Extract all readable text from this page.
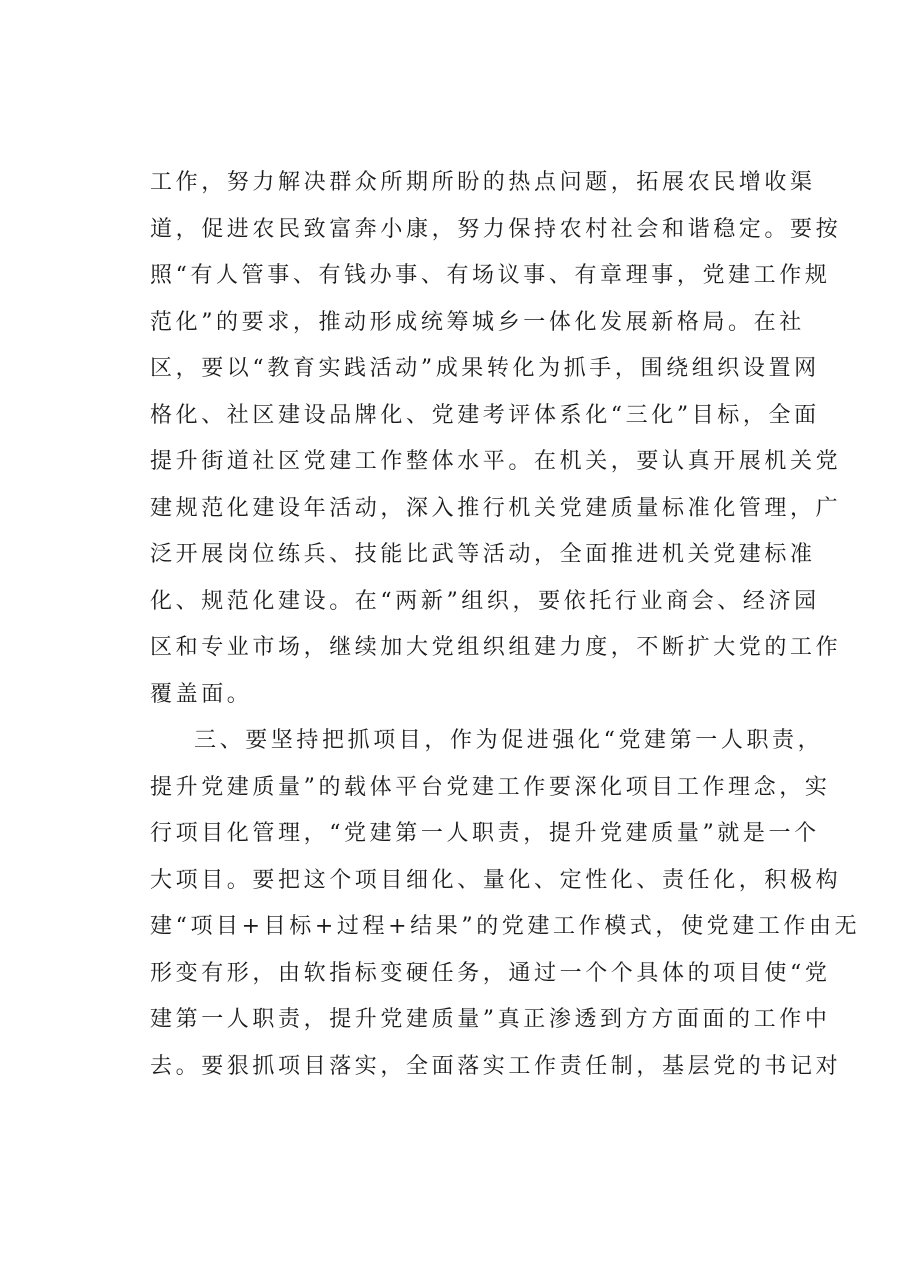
工作，努力解决群众所期所盼的热点问题，拓展农民增收渠
道，促进农民致富奔小康，努力保持农村社会和谐稳定。要按
照“有人管事、有钱办事、有场议事、有章理事，党建工作规
范化”的要求，推动形成统筹城乡一体化发展新格局。在社
区，要以“教育实践活动”成果转化为抓手，围绕组织设置网
格化、社区建设品牌化、党建考评体系化“三化”目标，全面
提升街道社区党建工作整体水平。在机关，要认真开展机关党
建规范化建设年活动，深入推行机关党建质量标准化管理，广
泛开展岗位练兵、技能比武等活动，全面推进机关党建标准
化、规范化建设。在“两新”组织，要依托行业商会、经济园
区和专业市场，继续加大党组织组建力度，不断扩大党的工作
覆盖面。
三、要坚持把抓项目，作为促进强化“党建第一人职责，
提升党建质量”的载体平台党建工作要深化项目工作理念，实
行项目化管理，“党建第一人职责，提升党建质量”就是一个
大项目。要把这个项目细化、量化、定性化、责任化，积极构
建“项目+目标+过程+结果”的党建工作模式，使党建工作由无
形变有形，由软指标变硬任务，通过一个个具体的项目使“党
建第一人职责，提升党建质量”真正渗透到方方面面的工作中
去。要狠抓项目落实，全面落实工作责任制，基层党的书记对
